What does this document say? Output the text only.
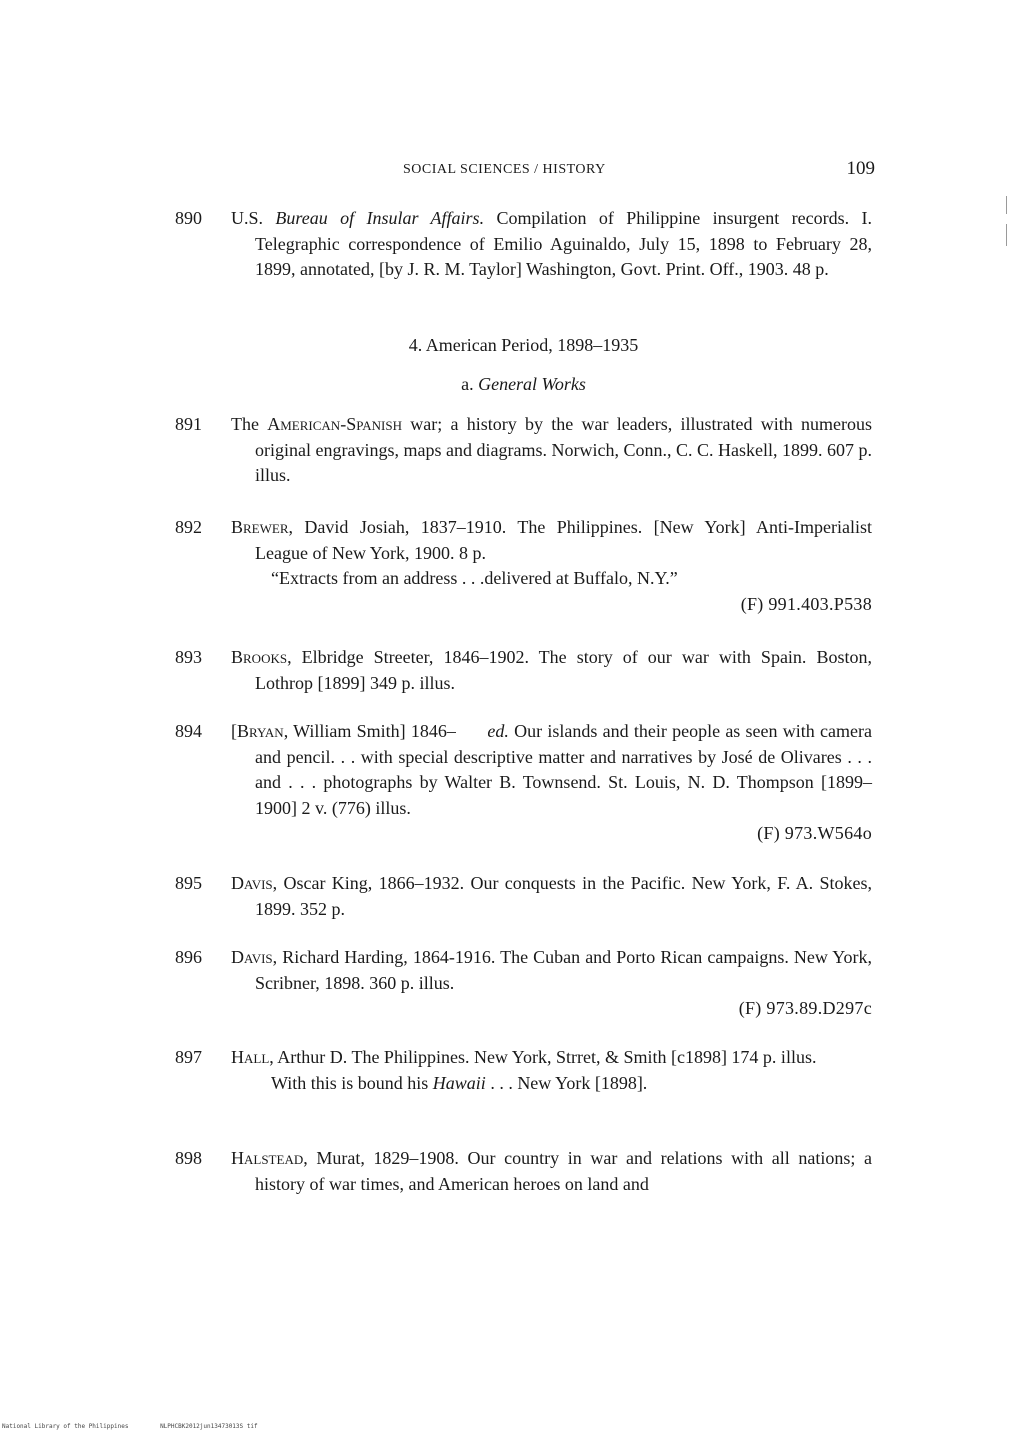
SOCIAL SCIENCES / HISTORY	109
890	U.S. Bureau of Insular Affairs. Compilation of Philippine insurgent records. I. Telegraphic correspondence of Emilio Aguinaldo, July 15, 1898 to February 28, 1899, annotated, [by J. R. M. Taylor] Washington, Govt. Print. Off., 1903. 48 p.
4. American Period, 1898–1935
a. General Works
891	The American-Spanish war; a history by the war leaders, illustrated with numerous original engravings, maps and diagrams. Norwich, Conn., C. C. Haskell, 1899. 607 p. illus.
892	Brewer, David Josiah, 1837–1910. The Philippines. [New York] Anti-Imperialist League of New York, 1900. 8 p.
“Extracts from an address . . .delivered at Buffalo, N.Y.”
(F) 991.403.P538
893	Brooks, Elbridge Streeter, 1846–1902. The story of our war with Spain. Boston, Lothrop [1899] 349 p. illus.
894	[Bryan, William Smith] 1846–      ed. Our islands and their people as seen with camera and pencil. . . with special descriptive matter and narratives by José de Olivares . . . and . . . photographs by Walter B. Townsend. St. Louis, N. D. Thompson [1899–1900] 2 v. (776) illus.
(F) 973.W564o
895	Davis, Oscar King, 1866–1932. Our conquests in the Pacific. New York, F. A. Stokes, 1899. 352 p.
896	Davis, Richard Harding, 1864-1916. The Cuban and Porto Rican campaigns. New York, Scribner, 1898. 360 p. illus.
(F) 973.89.D297c
897	Hall, Arthur D. The Philippines. New York, Strret, & Smith [c1898] 174 p. illus.
With this is bound his Hawaii . . . New York [1898].
898	Halstead, Murat, 1829–1908. Our country in war and relations with all nations; a history of war times, and American heroes on land and
National Library of the Philippines	NLPHCBK2012jun13473013S tif
